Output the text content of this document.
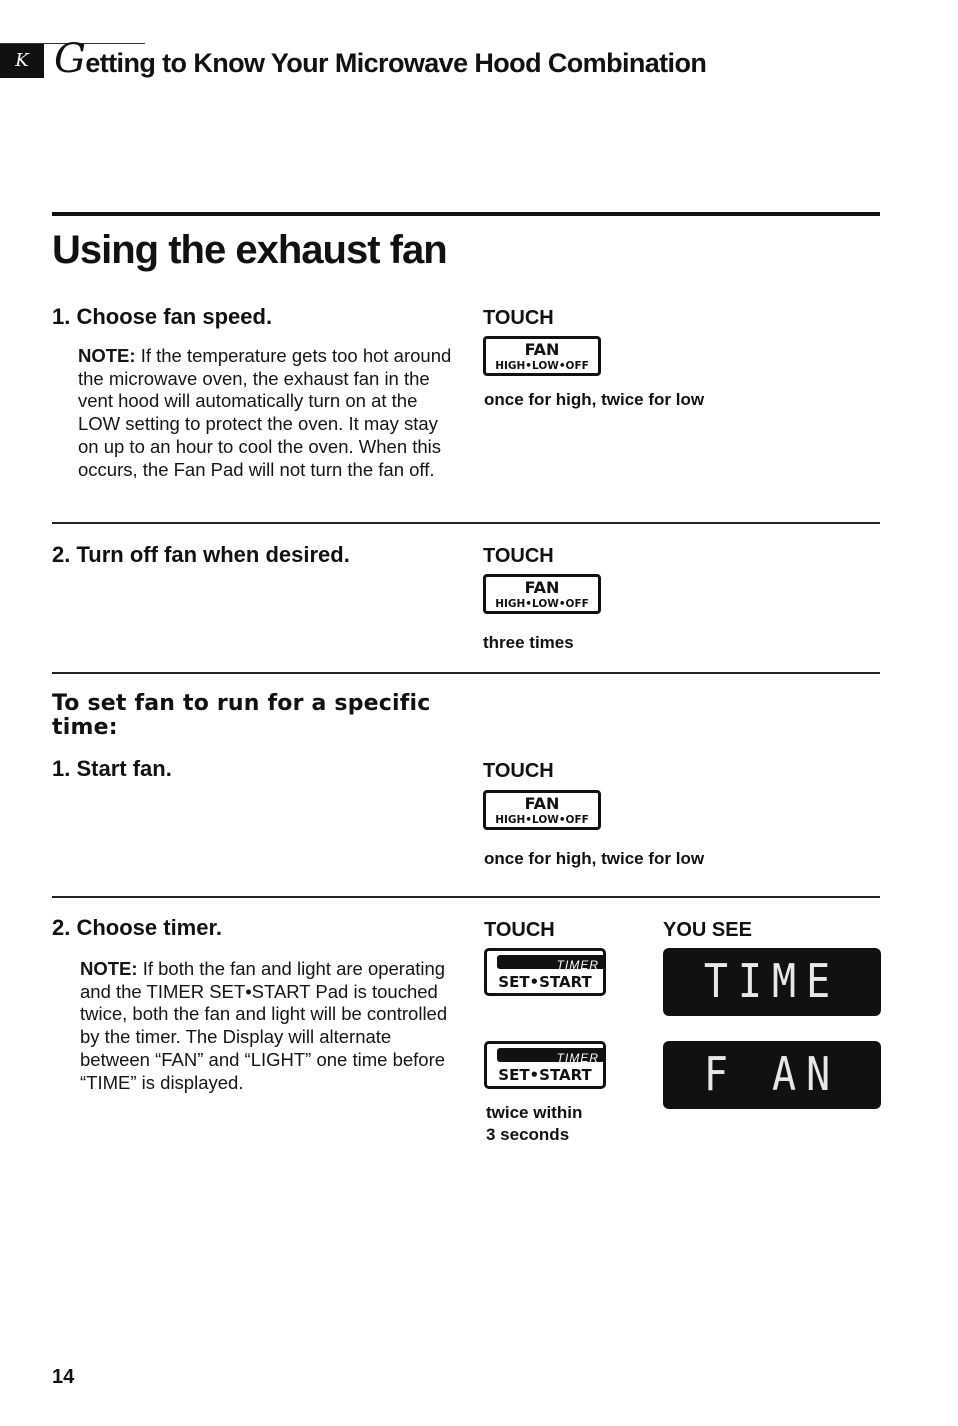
K Getting to Know Your Microwave Hood Combination
Using the exhaust fan
1. Choose fan speed.
NOTE: If the temperature gets too hot around the microwave oven, the exhaust fan in the vent hood will automatically turn on at the LOW setting to protect the oven. It may stay on up to an hour to cool the oven. When this occurs, the Fan Pad will not turn the fan off.
TOUCH
FAN
HIGH•LOW•OFF
once for high, twice for low
2. Turn off fan when desired.	TOUCH
FAN
HIGH•LOW•OFF
three times
To set fan to run for a specific time:
1. Start fan.	TOUCH
FAN
HIGH•LOW•OFF
once for high, twice for low
2. Choose timer.
NOTE: If both the fan and light are operating and the TIMER SET•START Pad is touched twice, both the fan and light will be controlled by the timer. The Display will alternate between “FAN” and “LIGHT” one time before “TIME” is displayed.
TOUCH	YOU SEE
TIMER
SET•START
TIMER
SET•START
TIME
F AN
twice within
3 seconds
14
